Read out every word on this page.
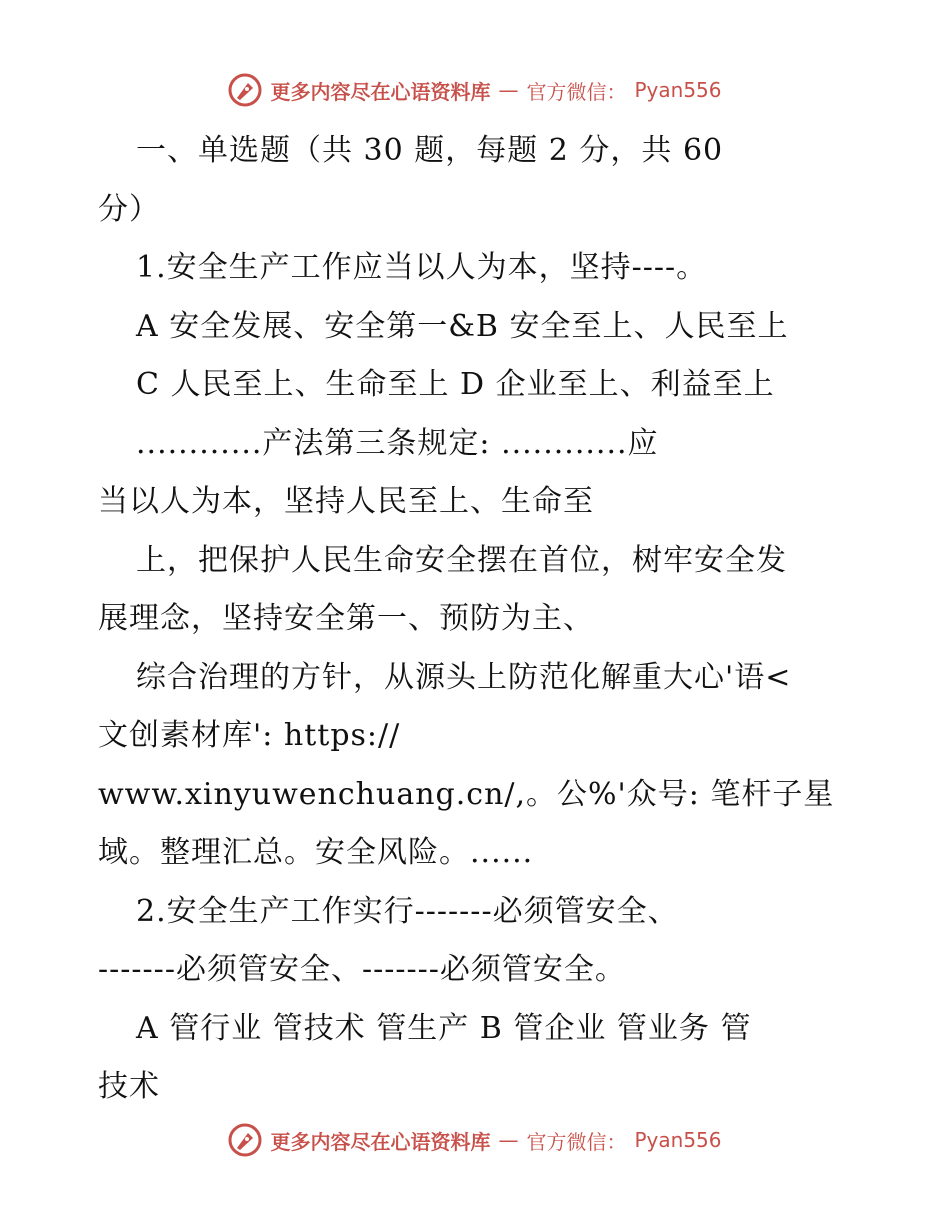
更多内容尽在心语资料库 — 官方微信： Pyan556
一、单选题（共 30 题，每题 2 分，共 60
分）
1.安全生产工作应当以人为本，坚持----。
A 安全发展、安全第一&B 安全至上、人民至上
C 人民至上、生命至上 D 企业至上、利益至上
............产法第三条规定: ............应
当以人为本，坚持人民至上、生命至
上，把保护人民生命安全摆在首位，树牢安全发
展理念，坚持安全第一、预防为主、
综合治理的方针，从源头上防范化解重大心'语<
文创素材库': https://
www.xinyuwenchuang.cn/,。公%'众号: 笔杆子星
域。整理汇总。安全风险。......
2.安全生产工作实行-------必须管安全、
-------必须管安全、-------必须管安全。
A 管行业 管技术 管生产 B 管企业 管业务 管
技术
更多内容尽在心语资料库 — 官方微信： Pyan556
